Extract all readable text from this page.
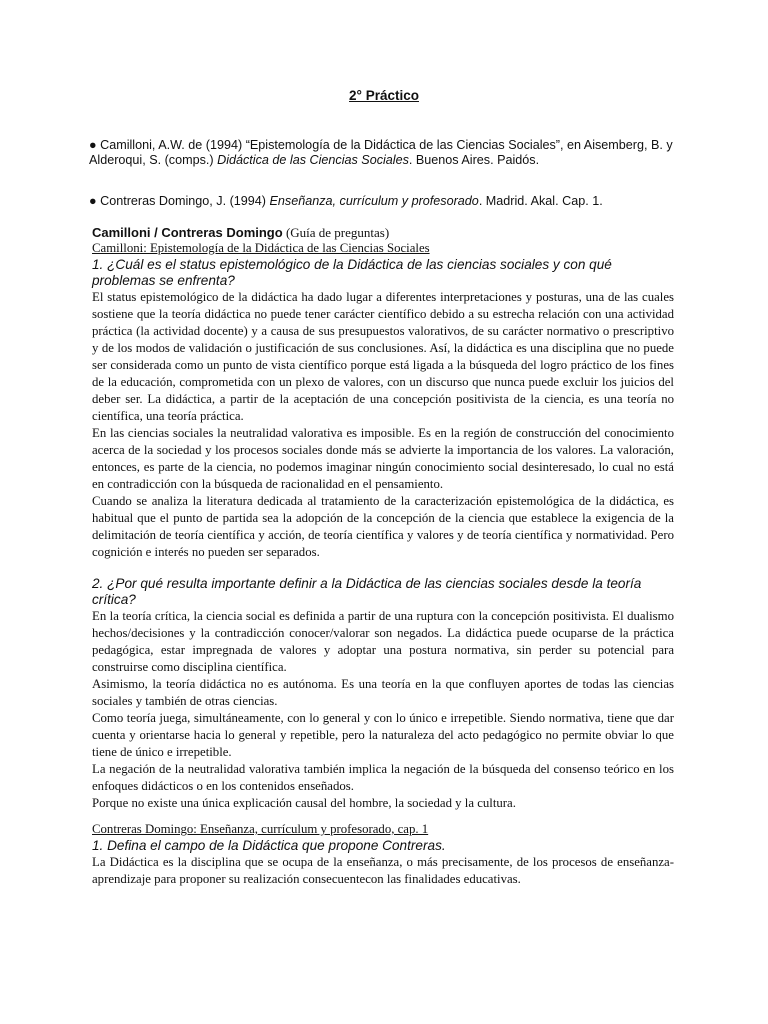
2° Práctico
● Camilloni, A.W. de (1994) “Epistemología de la Didáctica de las Ciencias Sociales”, en Aisemberg, B. y Alderoqui, S. (comps.) Didáctica de las Ciencias Sociales. Buenos Aires. Paidós.
● Contreras Domingo, J. (1994) Enseñanza, currículum y profesorado. Madrid. Akal. Cap. 1.
Camilloni / Contreras Domingo (Guía de preguntas)
Camilloni: Epistemología de la Didáctica de las Ciencias Sociales
1. ¿Cuál es el status epistemológico de la Didáctica de las ciencias sociales y con qué problemas se enfrenta?

El status epistemológico de la didáctica ha dado lugar a diferentes interpretaciones y posturas, una de las cuales sostiene que la teoría didáctica no puede tener carácter científico debido a su estrecha relación con una actividad práctica (la actividad docente) y a causa de sus presupuestos valorativos, de su carácter normativo o prescriptivo y de los modos de validación o justificación de sus conclusiones. Así, la didáctica es una disciplina que no puede ser considerada como un punto de vista científico porque está ligada a la búsqueda del logro práctico de los fines de la educación, comprometida con un plexo de valores, con un discurso que nunca puede excluir los juicios del deber ser. La didáctica, a partir de la aceptación de una concepción positivista de la ciencia, es una teoría no científica, una teoría práctica.

En las ciencias sociales la neutralidad valorativa es imposible. Es en la región de construcción del conocimiento acerca de la sociedad y los procesos sociales donde más se advierte la importancia de los valores. La valoración, entonces, es parte de la ciencia, no podemos imaginar ningún conocimiento social desinteresado, lo cual no está en contradicción con la búsqueda de racionalidad en el pensamiento.

Cuando se analiza la literatura dedicada al tratamiento de la caracterización epistemológica de la didáctica, es habitual que el punto de partida sea la adopción de la concepción de la ciencia que establece la exigencia de la delimitación de teoría científica y acción, de teoría científica y valores y de teoría científica y normatividad. Pero cognición e interés no pueden ser separados.

2. ¿Por qué resulta importante definir a la Didáctica de las ciencias sociales desde la teoría crítica?

En la teoría crítica, la ciencia social es definida a partir de una ruptura con la concepción positivista. El dualismo hechos/decisiones y la contradicción conocer/valorar son negados. La didáctica puede ocuparse de la práctica pedagógica, estar impregnada de valores y adoptar una postura normativa, sin perder su potencial para construirse como disciplina científica.

Asimismo, la teoría didáctica no es autónoma. Es una teoría en la que confluyen aportes de todas las ciencias sociales y también de otras ciencias.

Como teoría juega, simultáneamente, con lo general y con lo único e irrepetible. Siendo normativa, tiene que dar cuenta y orientarse hacia lo general y repetible, pero la naturaleza del acto pedagógico no permite obviar lo que tiene de único e irrepetible.

La negación de la neutralidad valorativa también implica la negación de la búsqueda del consenso teórico en los enfoques didácticos o en los contenidos enseñados.

Porque no existe una única explicación causal del hombre, la sociedad y la cultura.

Contreras Domingo: Enseñanza, currículum y profesorado, cap. 1
1. Defina el campo de la Didáctica que propone Contreras.

La Didáctica es la disciplina que se ocupa de la enseñanza, o más precisamente, de los procesos de enseñanza-aprendizaje para proponer su realización consecuentecon las finalidades educativas.
